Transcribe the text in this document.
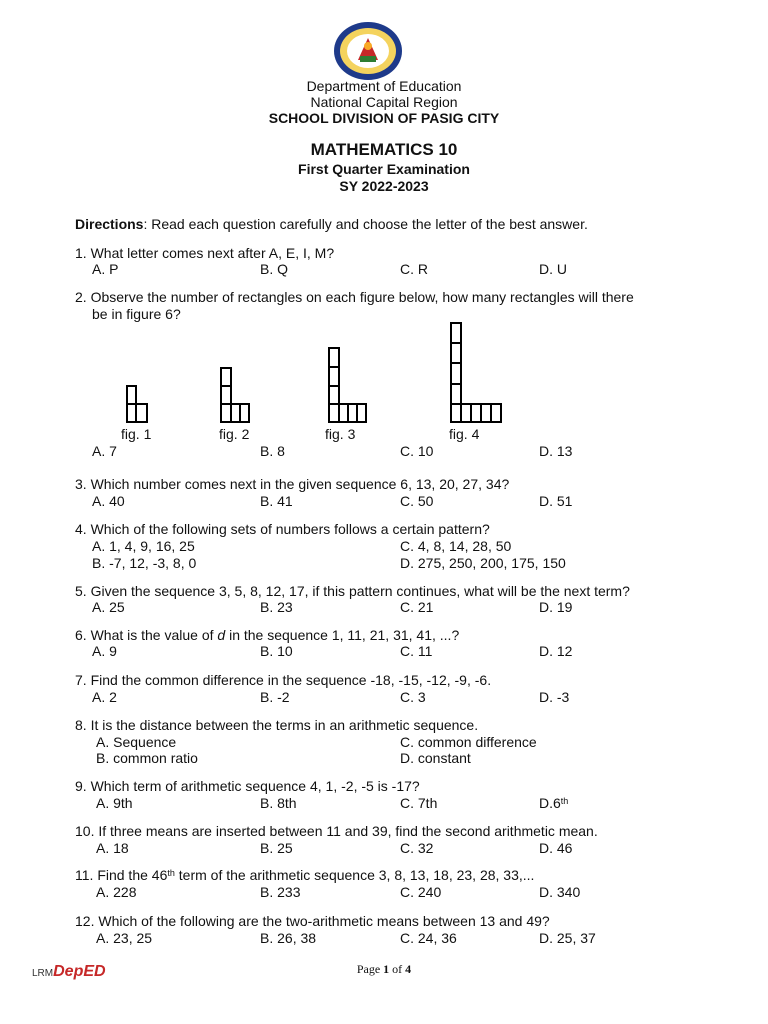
Department of Education
National Capital Region
SCHOOL DIVISION OF PASIG CITY
MATHEMATICS 10
First Quarter Examination
SY 2022-2023
Directions: Read each question carefully and choose the letter of the best answer.
1. What letter comes next after A, E, I, M?
A. P	B. Q	C. R	D. U
2. Observe the number of rectangles on each figure below, how many rectangles will there
be in figure 6?
fig. 1	fig. 2	fig. 3	fig. 4
A. 7	B. 8	C. 10	D. 13
3. Which number comes next in the given sequence 6, 13, 20, 27, 34?
A. 40	B. 41	C. 50	D. 51
4. Which of the following sets of numbers follows a certain pattern?
A. 1, 4, 9, 16, 25	C. 4, 8, 14, 28, 50
B. -7, 12, -3, 8, 0	D. 275, 250, 200, 175, 150
5. Given the sequence 3, 5, 8, 12, 17, if this pattern continues, what will be the next term?
A. 25	B. 23	C. 21	D. 19
6. What is the value of d in the sequence 1, 11, 21, 31, 41, ...?
A. 9	B. 10	C. 11	D. 12
7. Find the common difference in the sequence -18, -15, -12, -9, -6.
A. 2	B. -2	C. 3	D. -3
8. It is the distance between the terms in an arithmetic sequence.
A. Sequence	C. common difference
B. common ratio	D. constant
9. Which term of arithmetic sequence 4, 1, -2, -5 is -17?
A. 9th	B. 8th	C. 7th	D.6th
10. If three means are inserted between 11 and 39, find the second arithmetic mean.
A. 18	B. 25	C. 32	D. 46
11. Find the 46th term of the arithmetic sequence 3, 8, 13, 18, 23, 28, 33,...
A. 228	B. 233	C. 240	D. 340
12. Which of the following are the two-arithmetic means between 13 and 49?
A. 23, 25	B. 26, 38	C. 24, 36	D. 25, 37
LRMDepED	Page 1 of 4
